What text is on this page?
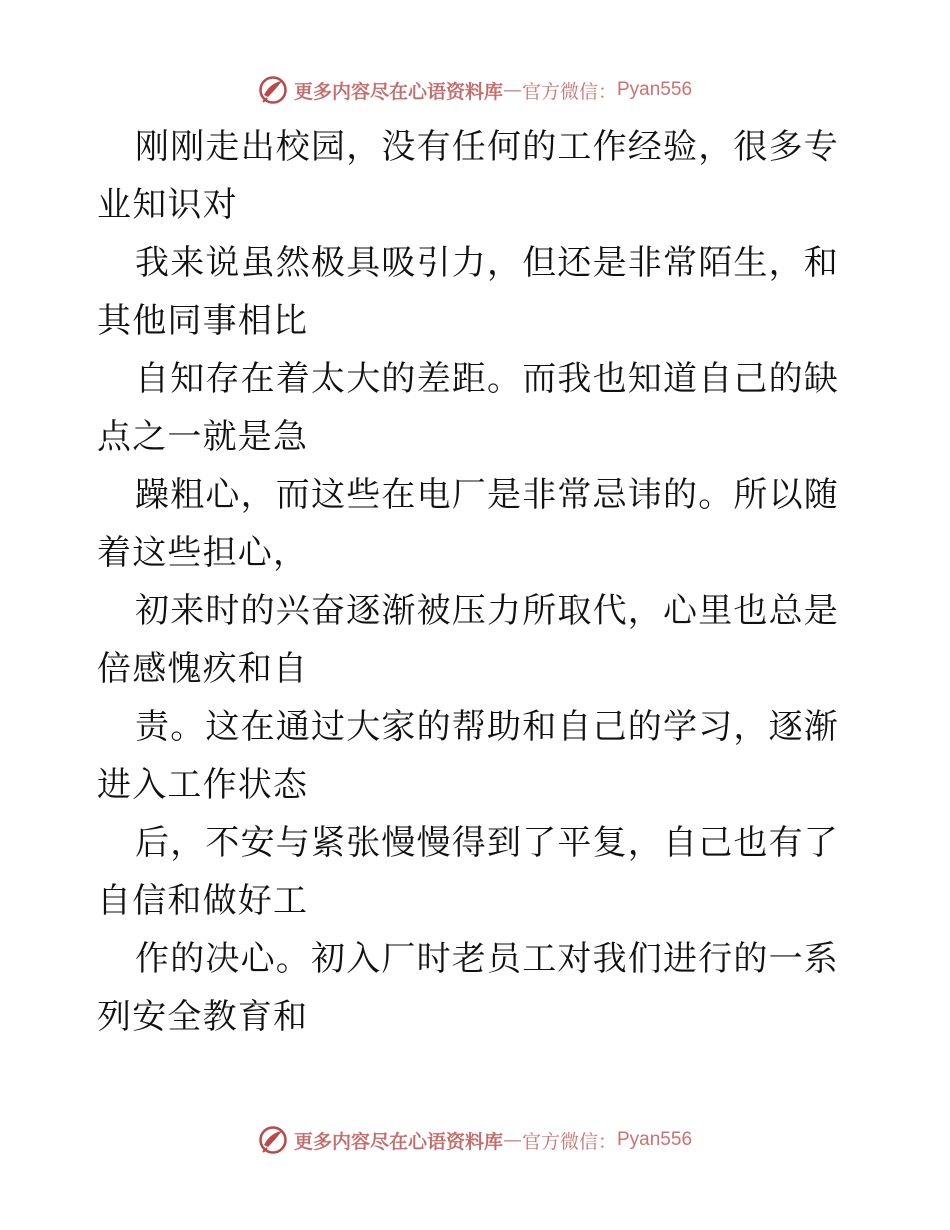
更多内容尽在心语资料库 — 官方微信： Pyan556

刚刚走出校园，没有任何的工作经验，很多专业知识对

我来说虽然极具吸引力，但还是非常陌生，和其他同事相比

自知存在着太大的差距。而我也知道自己的缺点之一就是急

躁粗心，而这些在电厂是非常忌讳的。所以随着这些担心，

初来时的兴奋逐渐被压力所取代，心里也总是倍感愧疚和自

责。这在通过大家的帮助和自己的学习，逐渐进入工作状态

后，不安与紧张慢慢得到了平复，自己也有了自信和做好工

作的决心。初入厂时老员工对我们进行的一系列安全教育和

更多内容尽在心语资料库 — 官方微信： Pyan556
